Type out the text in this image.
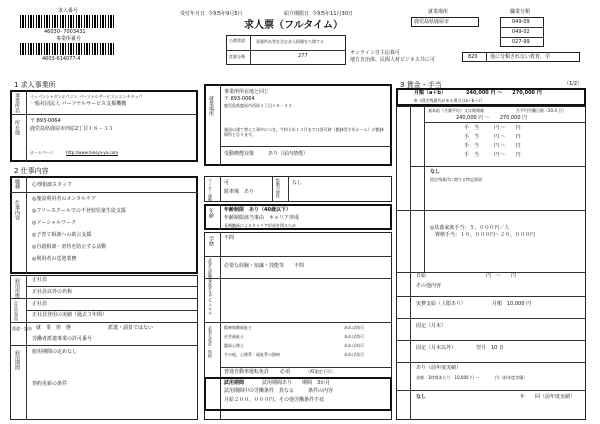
求人番号
46030- 7003431
事業所番号
4603-614077-4
受付年月日 令和5年9月5日	紹介期限日 令和5年11月30日
求人票（フルタイム）
公開希望	事業所名等を含む求人情報を公開する
産業分類	277	オンライン自主応募可
地方自治体、民間人材ビジネス共に可
就業場所
鹿児島県鹿屋市
職業分類
049-09
049-02
027-99
820 他に分類されない教育、学
1 求人事業所
事業所名	イッパンシャダンホウジン パーソナルサービスシエンキキョウ
一般社団法人 パーソナルサービス支援機構
所在地 〒 893-0064
鹿児島県鹿屋市西原2丁目１８－３３
ホームページ	http://www.hiosya-ya.com
2 仕事内容
職種 心理相談スタッフ
仕事内容
◎施設利用者のメンタルケア
◎フリースクールでの不登校児童生徒支援
◎ソーシャルワーク
◎子育て相談への助言支援
◎自殺相談・虐待を防止する活動
◎利用者の送迎業務
雇用形態 正社員
正社員以外の名称
正社員登用	正社員
正社員登用の実績（過去３年間）
派遣・請負 就　業　形　態	派遣・請負ではない
労働者派遣事業の許可番号
雇用期間 雇用期間の定めなし
契約更新の条件
就業場所
事業所所在地と同じ
〒 893-0064
鹿児島県鹿屋市西原２丁目１８－３３
施設の建て替え工事中につき、令和５年１２月までは許可時（勤務青少年ホーム）が勤務場所となります。
受動喫煙対策	あり（屋内禁煙）
マイカー通勤 可
駐車場　あり	転勤可能性 なし
年齢 年齢制限　あり（40歳以下）
年齢制限該当事由　キャリア形成
長期勤続によるキャリア形成を図るため
学歴 不問
必要な経験等 必要な経験・知識・技能等　　不問
必要なPCスキル
必要な免許・資格	精神保健福祉士	あれば尚可
社会福祉士	あれば尚可
臨床心理士	あれば尚可
その他、心理系・福祉系の資格	あれば尚可
普通自動車運転免許 必須	（AT限定不可）
試用期間	試用期間あり　　期間　3か月
試用期間中の労働条件　異なる	条件の内容
月給２００，０００円、その他労働条件不変
3 賃金・手当	（1/2）
月額（a＋b）	240,000 円 〜　　270,000 円
※（固定残業代がある場合はa＋b＋c）
基本給（月額平均）又は時間額	月平均労働日数（20.4 日）
240,000 円 〜　　270,000 円
手　当	円 〜　　円
手　当	円 〜　　円
手　当	円 〜　　円
手　当	円 〜　　円
なし
固定残業代に関する特記事項
◎扶養家族手当：５，０００円／人
　資格手当：１０，０００円〜２０，０００円
日給	円　〜　　円
その他内容
実費支給（上限あり）	月額　10,000 円
固定（月末）
固定（月末以外）	翌月　10 日
あり（前年度実績）
金額　1時間あたり　10,000 円 〜　　　　円（前年度実績）
なし	年　　回（前年度実績）
